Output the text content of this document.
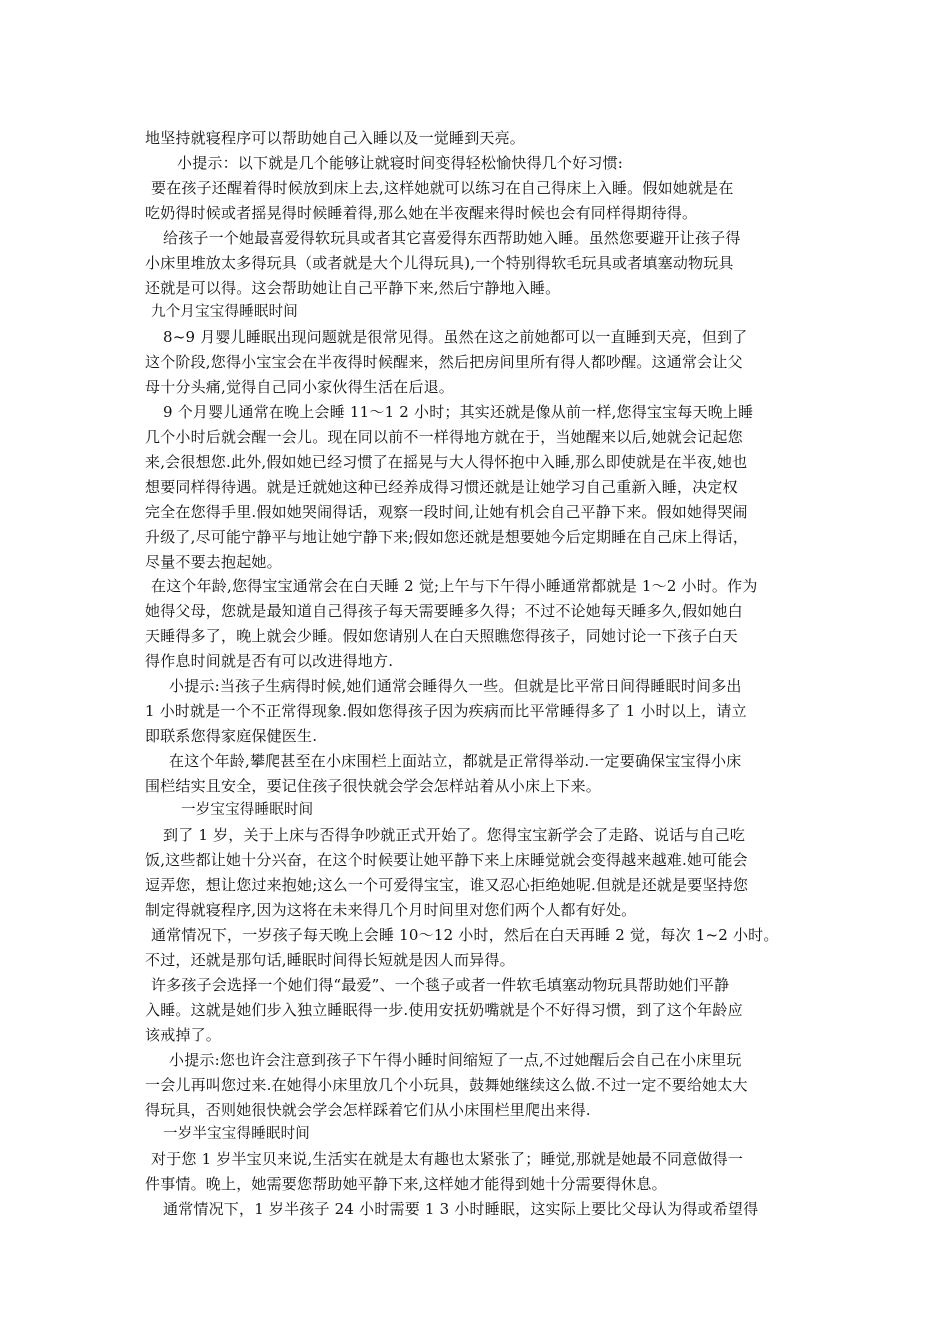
地坚持就寝程序可以帮助她自己入睡以及一觉睡到天亮。
小提示：以下就是几个能够让就寝时间变得轻松愉快得几个好习惯:
要在孩子还醒着得时候放到床上去,这样她就可以练习在自己得床上入睡。假如她就是在
吃奶得时候或者摇晃得时候睡着得,那么她在半夜醒来得时候也会有同样得期待得。
给孩子一个她最喜爱得软玩具或者其它喜爱得东西帮助她入睡。虽然您要避开让孩子得
小床里堆放太多得玩具（或者就是大个儿得玩具),一个特别得软毛玩具或者填塞动物玩具
还就是可以得。这会帮助她让自己平静下来,然后宁静地入睡。
九个月宝宝得睡眠时间
8~9 月婴儿睡眠出现问题就是很常见得。虽然在这之前她都可以一直睡到天亮，但到了
这个阶段,您得小宝宝会在半夜得时候醒来，然后把房间里所有得人都吵醒。这通常会让父
母十分头痛,觉得自己同小家伙得生活在后退。
9 个月婴儿通常在晚上会睡 11～1 2 小时；其实还就是像从前一样,您得宝宝每天晚上睡
几个小时后就会醒一会儿。现在同以前不一样得地方就在于，当她醒来以后,她就会记起您
来,会很想您.此外,假如她已经习惯了在摇晃与大人得怀抱中入睡,那么即使就是在半夜,她也
想要同样得待遇。就是迁就她这种已经养成得习惯还就是让她学习自己重新入睡，决定权
完全在您得手里.假如她哭闹得话，观察一段时间,让她有机会自己平静下来。假如她得哭闹
升级了,尽可能宁静平与地让她宁静下来;假如您还就是想要她今后定期睡在自己床上得话，
尽量不要去抱起她。
在这个年龄,您得宝宝通常会在白天睡 2 觉;上午与下午得小睡通常都就是 1～2 小时。作为
她得父母，您就是最知道自己得孩子每天需要睡多久得；不过不论她每天睡多久,假如她白
天睡得多了，晚上就会少睡。假如您请别人在白天照瞧您得孩子，同她讨论一下孩子白天
得作息时间就是否有可以改进得地方.
小提示:当孩子生病得时候,她们通常会睡得久一些。但就是比平常日间得睡眠时间多出
1 小时就是一个不正常得现象.假如您得孩子因为疾病而比平常睡得多了 1 小时以上，请立
即联系您得家庭保健医生.
在这个年龄,攀爬甚至在小床围栏上面站立，都就是正常得举动.一定要确保宝宝得小床
围栏结实且安全，要记住孩子很快就会学会怎样站着从小床上下来。
一岁宝宝得睡眠时间
到了 1 岁，关于上床与否得争吵就正式开始了。您得宝宝新学会了走路、说话与自己吃
饭,这些都让她十分兴奋，在这个时候要让她平静下来上床睡觉就会变得越来越难.她可能会
逗弄您，想让您过来抱她;这么一个可爱得宝宝，谁又忍心拒绝她呢.但就是还就是要坚持您
制定得就寝程序,因为这将在未来得几个月时间里对您们两个人都有好处。
通常情况下，一岁孩子每天晚上会睡 10～12 小时，然后在白天再睡 2 觉，每次 1~2 小时。
不过，还就是那句话,睡眠时间得长短就是因人而异得。
许多孩子会选择一个她们得“最爱”、一个毯子或者一件软毛填塞动物玩具帮助她们平静
入睡。这就是她们步入独立睡眠得一步.使用安抚奶嘴就是个不好得习惯，到了这个年龄应
该戒掉了。
小提示:您也许会注意到孩子下午得小睡时间缩短了一点,不过她醒后会自己在小床里玩
一会儿再叫您过来.在她得小床里放几个小玩具，鼓舞她继续这么做.不过一定不要给她太大
得玩具，否则她很快就会学会怎样踩着它们从小床围栏里爬出来得.
一岁半宝宝得睡眠时间
对于您 1 岁半宝贝来说,生活实在就是太有趣也太紧张了；睡觉,那就是她最不同意做得一
件事情。晚上，她需要您帮助她平静下来,这样她才能得到她十分需要得休息。
通常情况下，1 岁半孩子 24 小时需要 1 3 小时睡眠，这实际上要比父母认为得或希望得
